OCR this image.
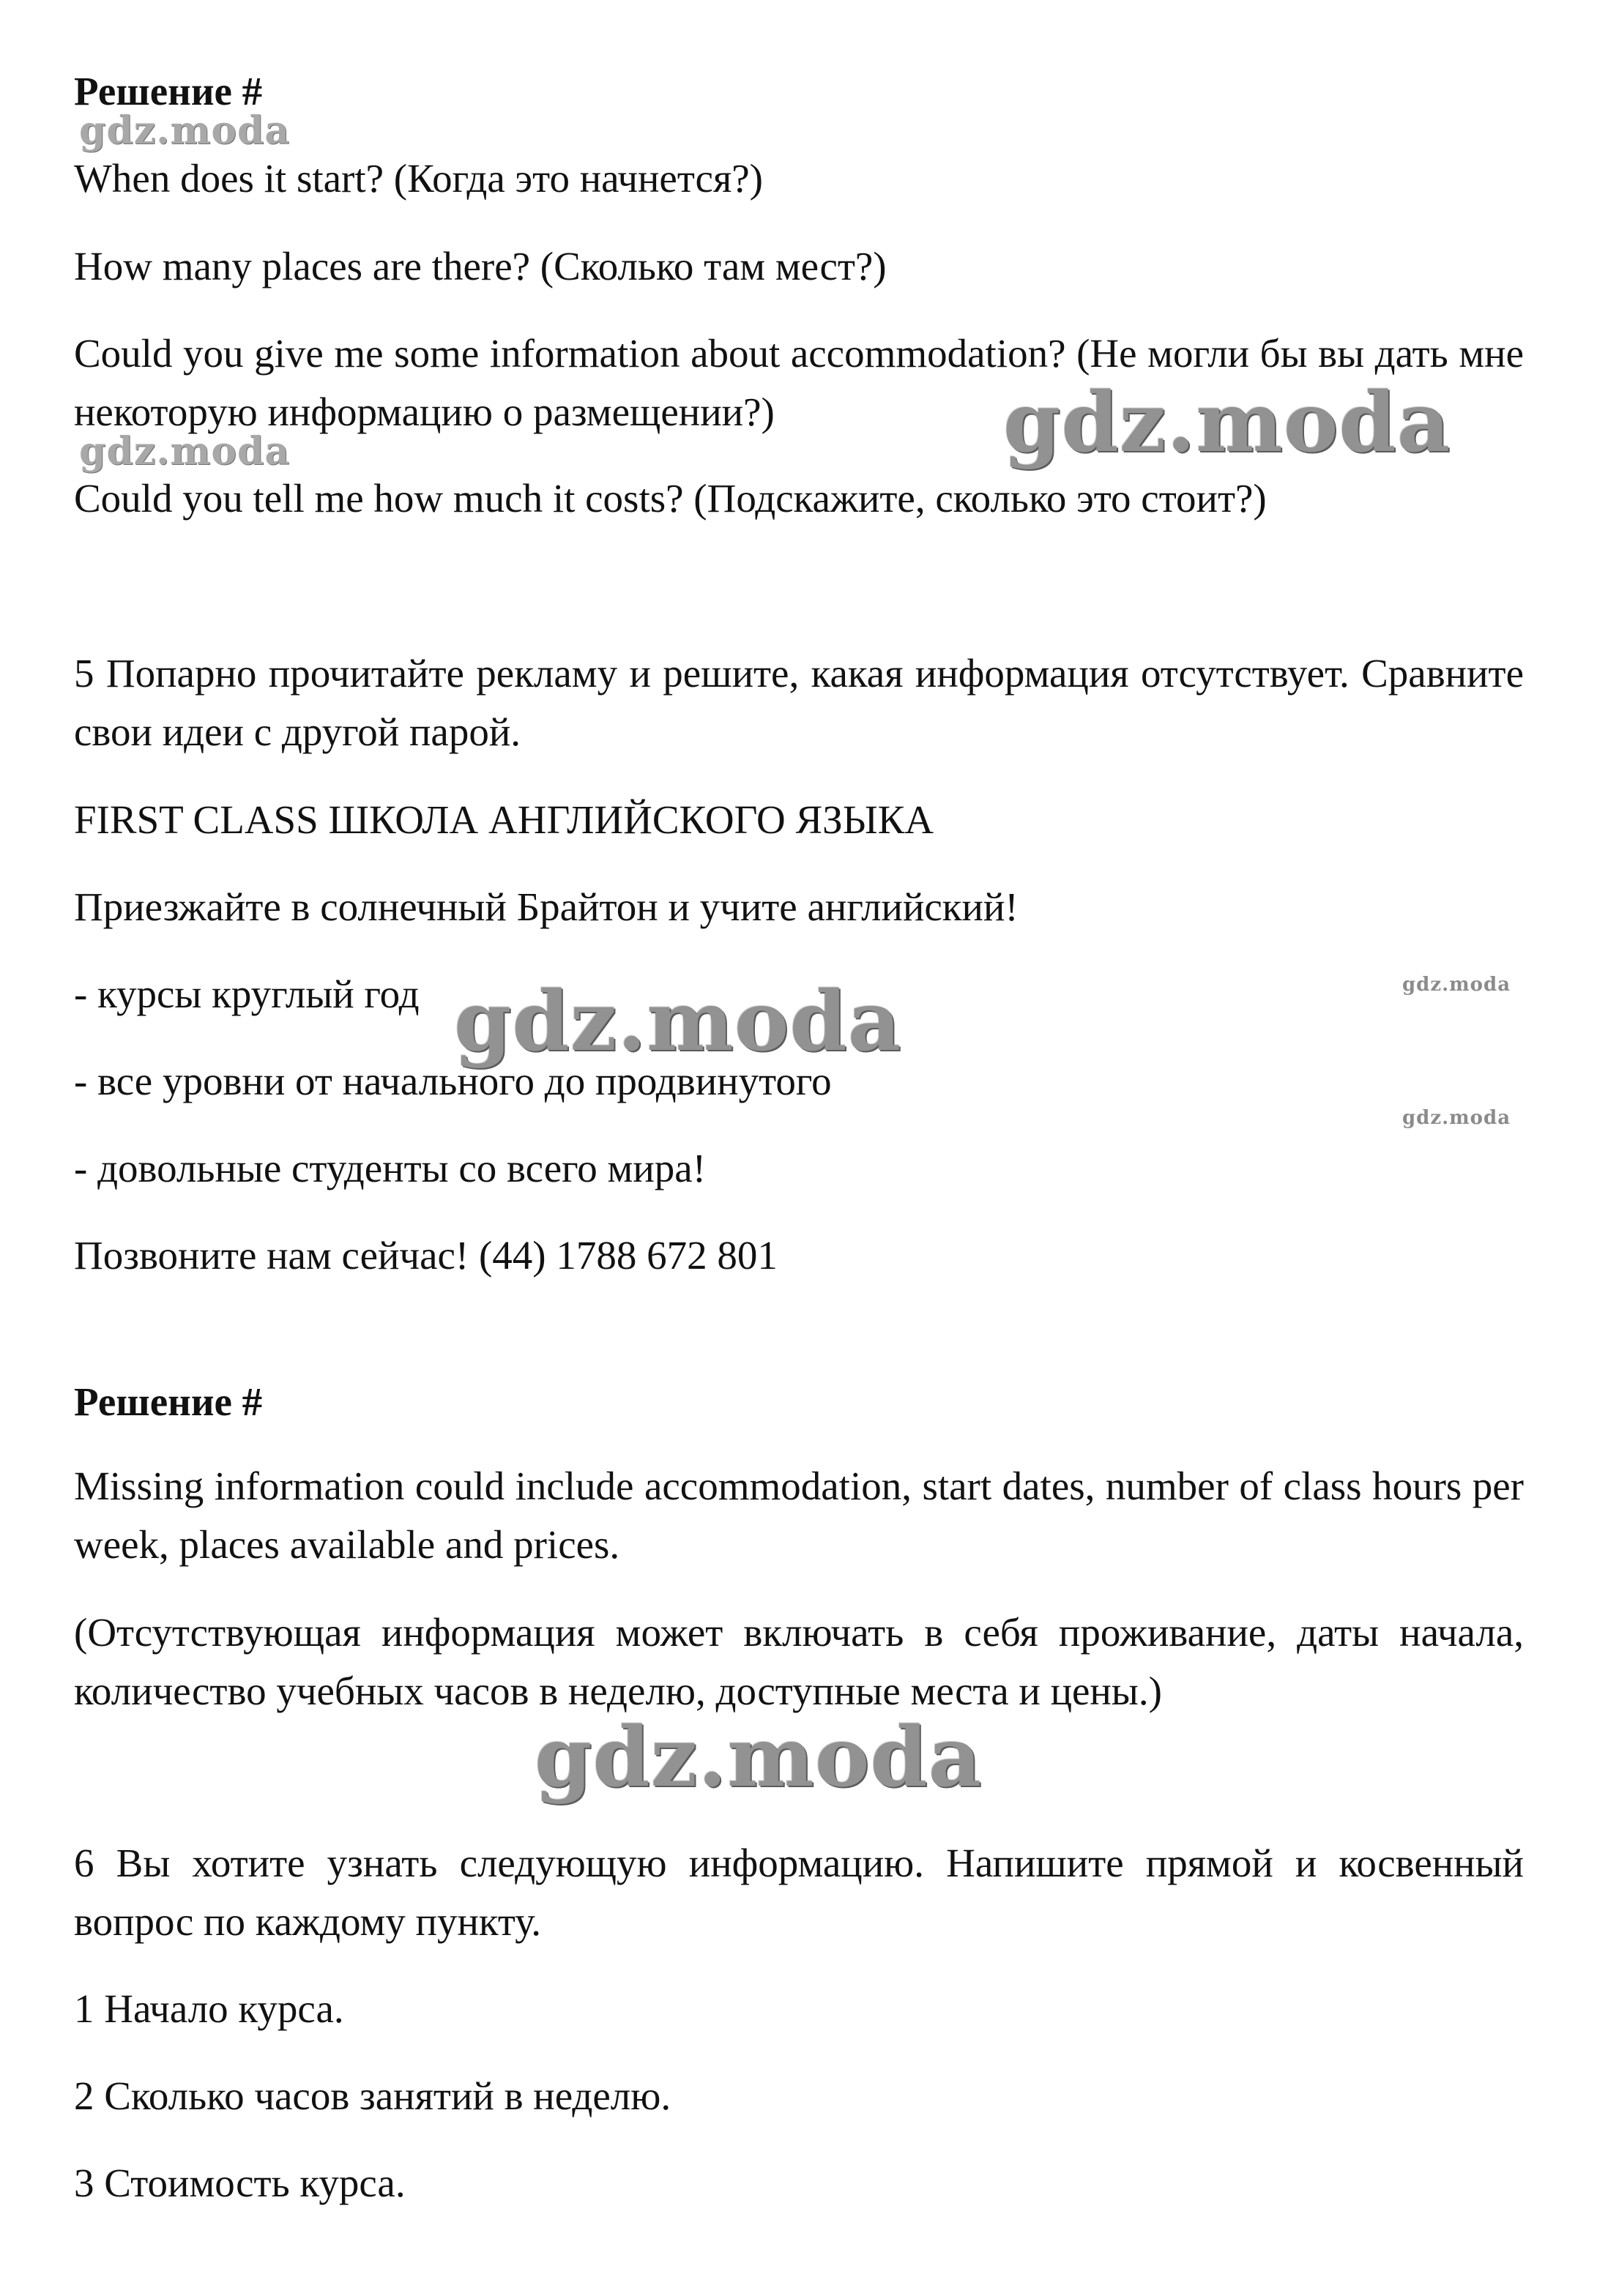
Решение #
gdz.moda
When does it start? (Когда это начнется?)
How many places are there? (Сколько там мест?)
Could you give me some information about accommodation? (Не могли бы вы дать мне некоторую информацию о размещении?)
gdz.moda	gdz.moda
Could you tell me how much it costs? (Подскажите, сколько это стоит?)
5 Попарно прочитайте рекламу и решите, какая информация отсутствует. Сравните свои идеи с другой парой.
FIRST CLASS ШКОЛА АНГЛИЙСКОГО ЯЗЫКА
Приезжайте в солнечный Брайтон и учите английский!
- курсы круглый год gdz.moda	gdz.moda
- все уровни от начального до продвинутого
gdz.moda
- довольные студенты со всего мира!
Позвоните нам сейчас! (44) 1788 672 801
Решение #
Missing information could include accommodation, start dates, number of class hours per week, places available and prices.
(Отсутствующая информация может включать в себя проживание, даты начала, количество учебных часов в неделю, доступные места и цены.)
gdz.moda
6 Вы хотите узнать следующую информацию. Напишите прямой и косвенный вопрос по каждому пункту.
1 Начало курса.
2 Сколько часов занятий в неделю.
3 Стоимость курса.
